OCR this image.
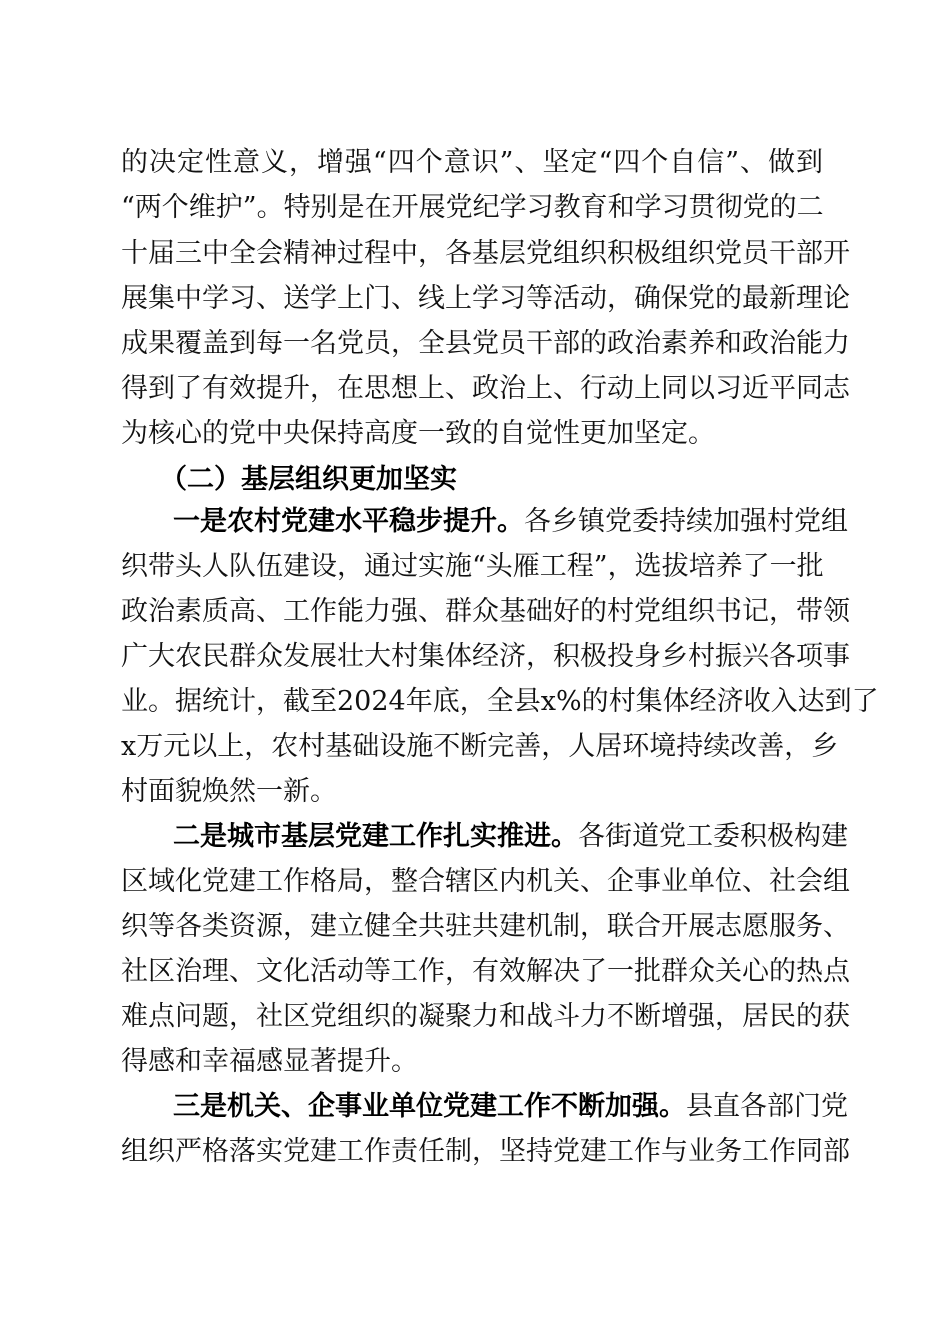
的决定性意义，增强“四个意识”、坚定“四个自信”、做到
“两个维护”。特别是在开展党纪学习教育和学习贯彻党的二
十届三中全会精神过程中，各基层党组织积极组织党员干部开
展集中学习、送学上门、线上学习等活动，确保党的最新理论
成果覆盖到每一名党员，全县党员干部的政治素养和政治能力
得到了有效提升，在思想上、政治上、行动上同以习近平同志
为核心的党中央保持高度一致的自觉性更加坚定。
（二）基层组织更加坚实
一是农村党建水平稳步提升。各乡镇党委持续加强村党组
织带头人队伍建设，通过实施“头雁工程”，选拔培养了一批
政治素质高、工作能力强、群众基础好的村党组织书记，带领
广大农民群众发展壮大村集体经济，积极投身乡村振兴各项事
业。据统计，截至2024年底，全县x%的村集体经济收入达到了
x万元以上，农村基础设施不断完善，人居环境持续改善，乡
村面貌焕然一新。
二是城市基层党建工作扎实推进。各街道党工委积极构建
区域化党建工作格局，整合辖区内机关、企事业单位、社会组
织等各类资源，建立健全共驻共建机制，联合开展志愿服务、
社区治理、文化活动等工作，有效解决了一批群众关心的热点
难点问题，社区党组织的凝聚力和战斗力不断增强，居民的获
得感和幸福感显著提升。
三是机关、企事业单位党建工作不断加强。县直各部门党
组织严格落实党建工作责任制，坚持党建工作与业务工作同部
